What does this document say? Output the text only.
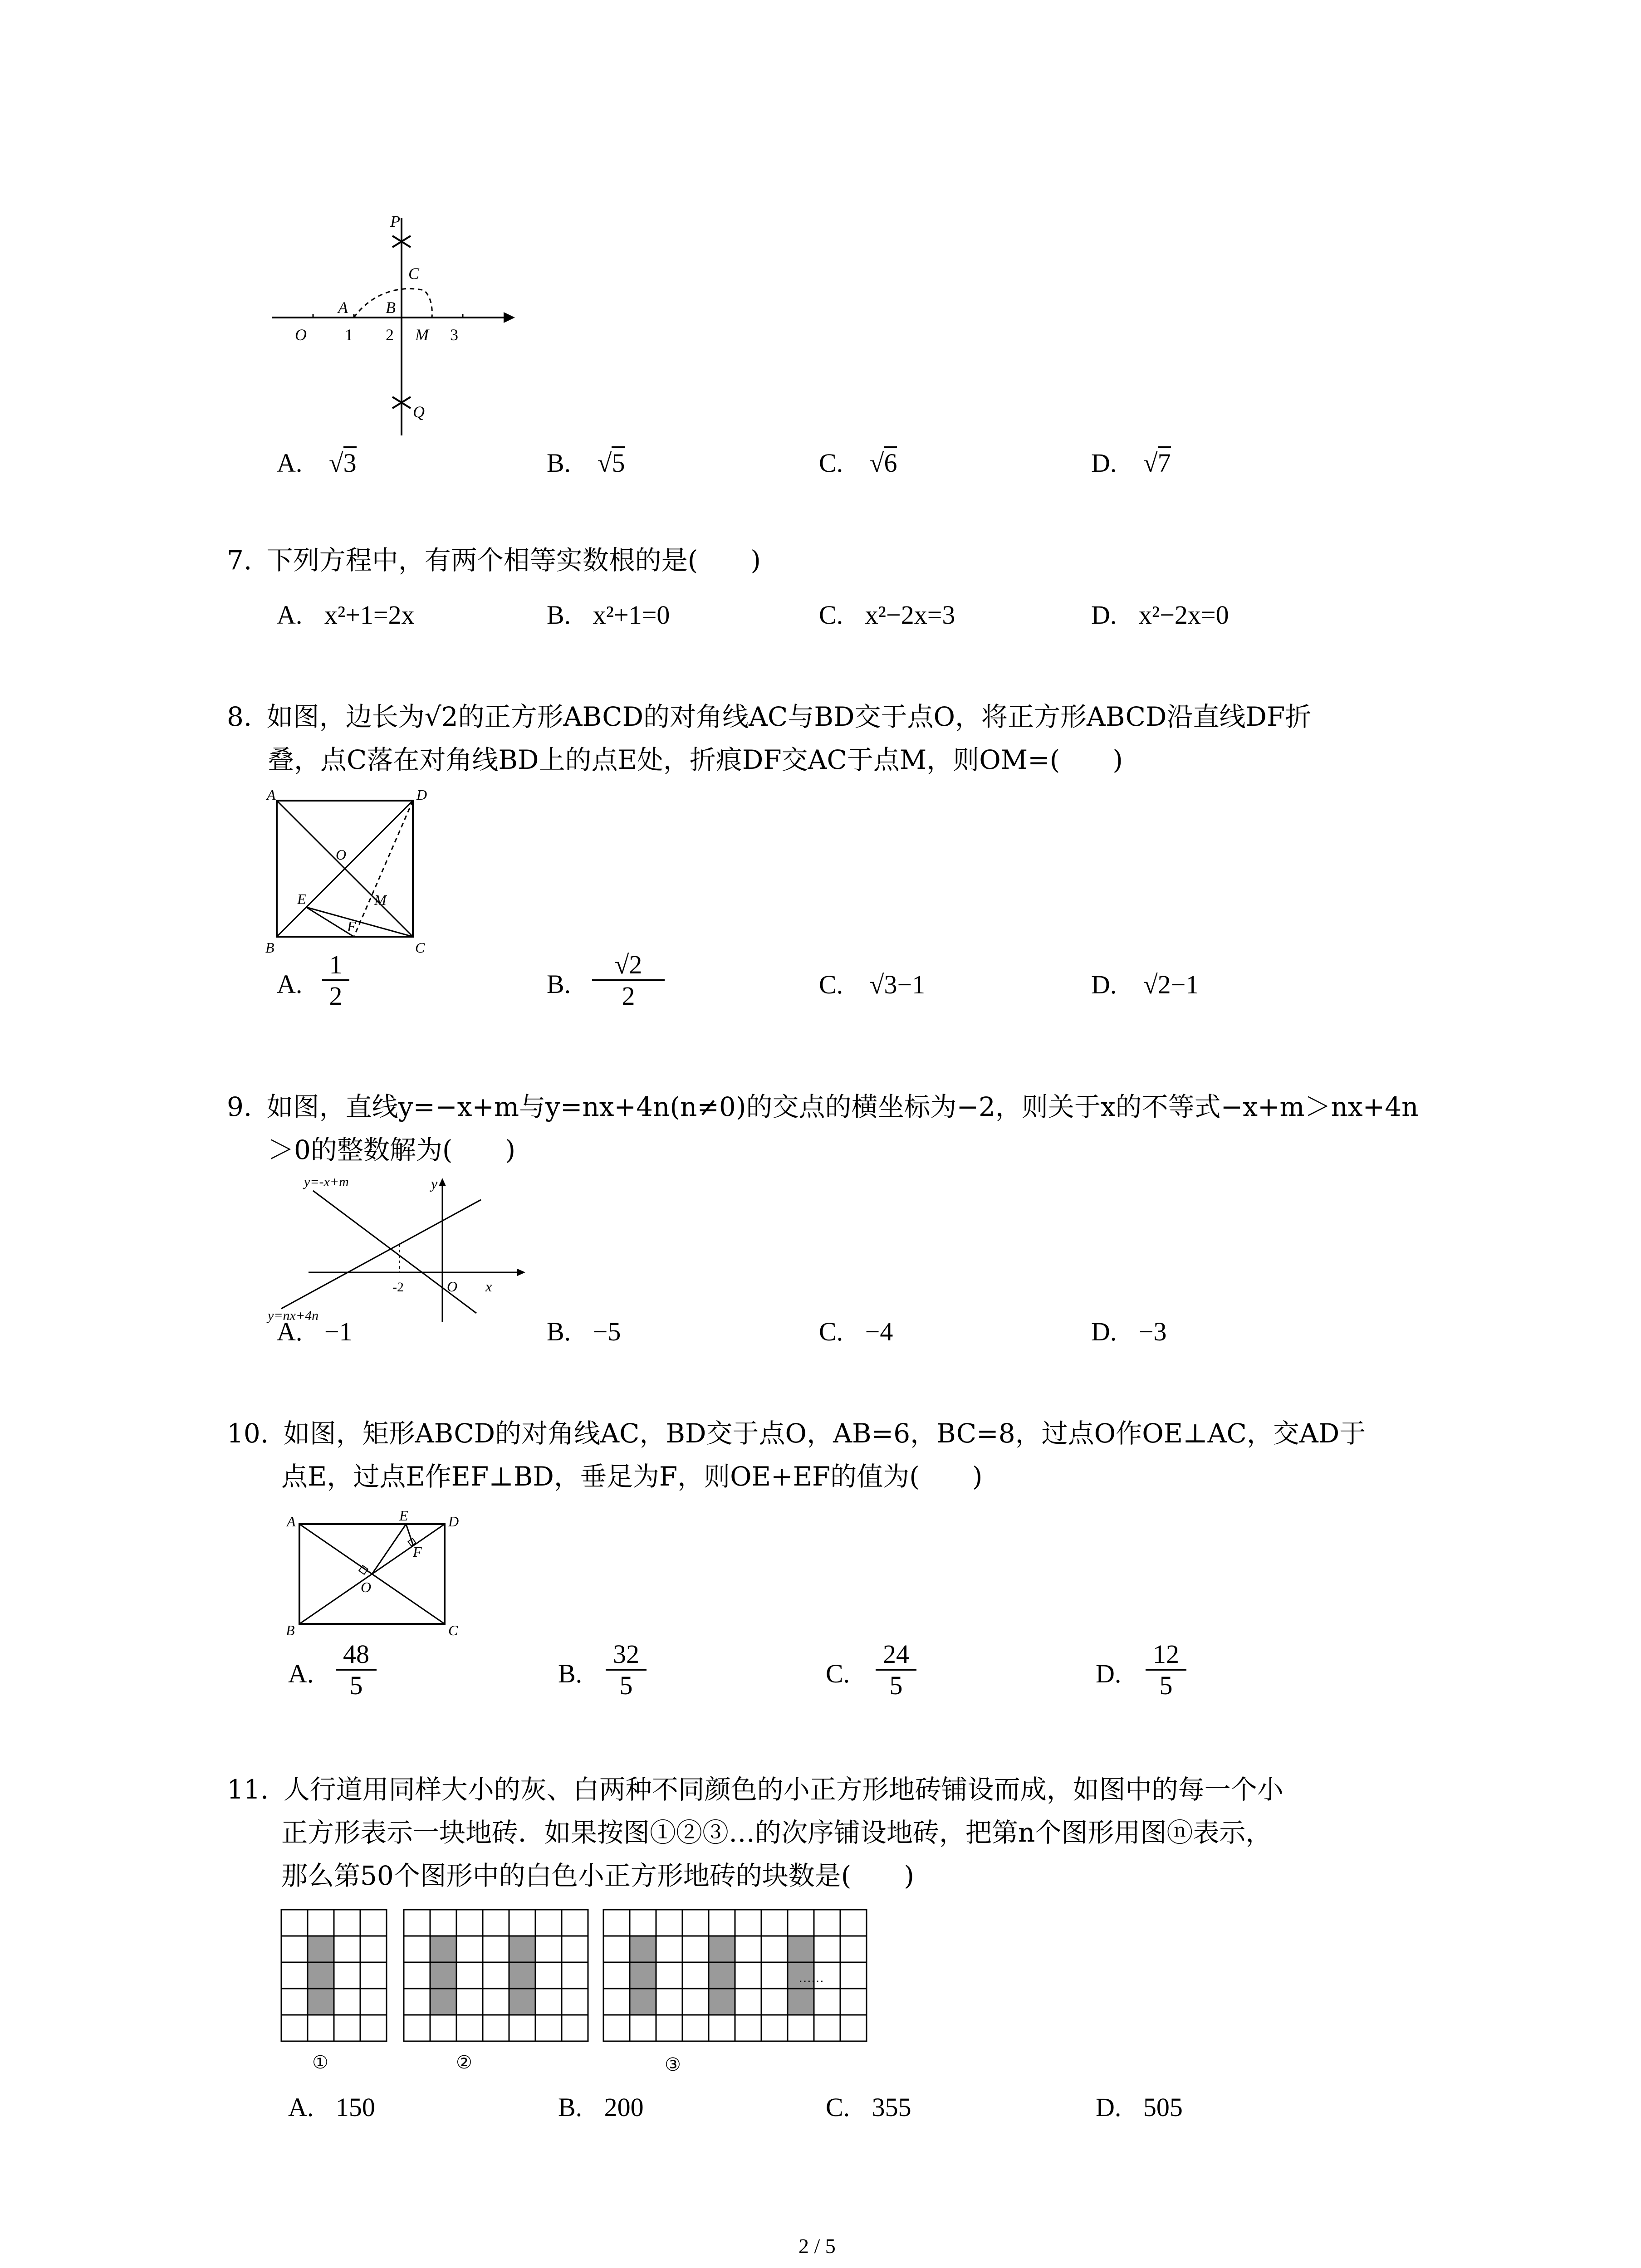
P
C
A B
O 1 2 M 3
Q
A. √3	B. √5	C. √6	D. √7
7. 下列方程中，有两个相等实数根的是(　　)
A. x²+1=2x	B. x²+1=0	C. x²−2x=3	D. x²−2x=0
8. 如图，边长为√2的正方形ABCD的对角线AC与BD交于点O，将正方形ABCD沿直线DF折
叠，点C落在对角线BD上的点E处，折痕DF交AC于点M，则OM=(　　)
A	D
O
E	M
F
B	C
A.
1
2	B.
√2
2	C. √3−1	D. √2−1
9. 如图，直线y=−x+m与y=nx+4n(n≠0)的交点的横坐标为−2，则关于x的不等式−x+m＞nx+4n
＞0的整数解为(　　)
y=-x+m	y
-2	O x
y=nx+4n
A. −1	B. −5	C. −4	D. −3
10. 如图，矩形ABCD的对角线AC，BD交于点O，AB=6，BC=8，过点O作OE⊥AC，交AD于
点E，过点E作EF⊥BD，垂足为F，则OE+EF的值为(　　)
A	E	D
F
O
B	C
A.
48
5	B.
32
5	C.
24
5	D.
12
5
11. 人行道用同样大小的灰、白两种不同颜色的小正方形地砖铺设而成，如图中的每一个小
正方形表示一块地砖．如果按图①②③…的次序铺设地砖，把第n个图形用图ⓝ表示，
那么第50个图形中的白色小正方形地砖的块数是(　　)
①	②	③
……
A. 150	B. 200	C. 355	D. 505
2 / 5
